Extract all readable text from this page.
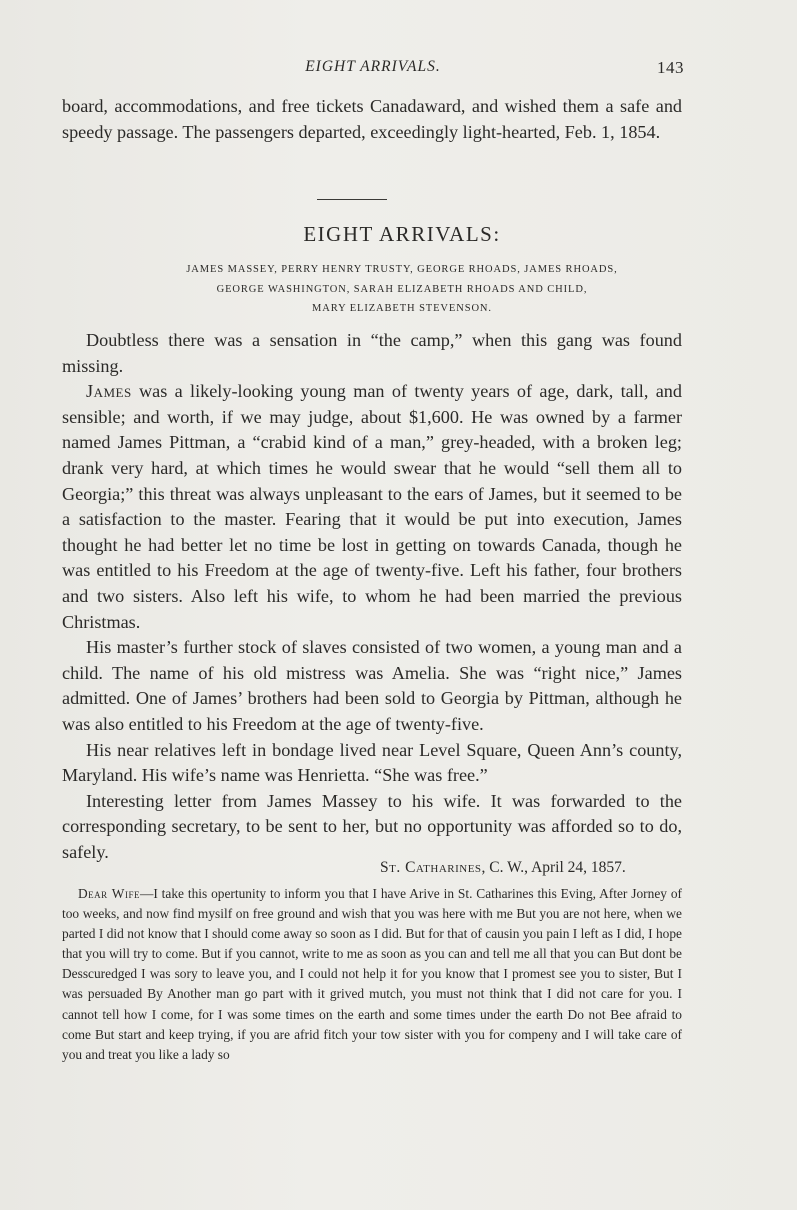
EIGHT ARRIVALS.	143

board, accommodations, and free tickets Canadaward, and wished them a safe and speedy passage. The passengers departed, exceedingly light-hearted, Feb. 1, 1854.

EIGHT ARRIVALS:
JAMES MASSEY, PERRY HENRY TRUSTY, GEORGE RHOADS, JAMES RHOADS,
GEORGE WASHINGTON, SARAH ELIZABETH RHOADS AND CHILD,
MARY ELIZABETH STEVENSON.

Doubtless there was a sensation in “the camp,” when this gang was found missing.

James was a likely-looking young man of twenty years of age, dark, tall, and sensible; and worth, if we may judge, about $1,600. He was owned by a farmer named James Pittman, a “crabid kind of a man,” grey-headed, with a broken leg; drank very hard, at which times he would swear that he would “sell them all to Georgia;” this threat was always unpleasant to the ears of James, but it seemed to be a satisfaction to the master. Fearing that it would be put into execution, James thought he had better let no time be lost in getting on towards Canada, though he was entitled to his Freedom at the age of twenty-five. Left his father, four brothers and two sisters. Also left his wife, to whom he had been married the previous Christmas.

His master’s further stock of slaves consisted of two women, a young man and a child. The name of his old mistress was Amelia. She was “right nice,” James admitted. One of James’ brothers had been sold to Georgia by Pittman, although he was also entitled to his Freedom at the age of twenty-five.

His near relatives left in bondage lived near Level Square, Queen Ann’s county, Maryland. His wife’s name was Henrietta. “She was free.”

Interesting letter from James Massey to his wife. It was forwarded to the corresponding secretary, to be sent to her, but no opportunity was afforded so to do, safely.

St. Catharines, C. W., April 24, 1857.

Dear Wife—I take this opertunity to inform you that I have Arive in St. Catharines this Eving, After Jorney of too weeks, and now find mysilf on free ground and wish that you was here with me But you are not here, when we parted I did not know that I should come away so soon as I did. But for that of causin you pain I left as I did, I hope that you will try to come. But if you cannot, write to me as soon as you can and tell me all that you can But dont be Desscuredged I was sory to leave you, and I could not help it for you know that I promest see you to sister, But I was persuaded By Another man go part with it grived mutch, you must not think that I did not care for you. I cannot tell how I come, for I was some times on the earth and some times under the earth Do not Bee afraid to come But start and keep trying, if you are afrid fitch your tow sister with you for compeny and I will take care of you and treat you like a lady so
